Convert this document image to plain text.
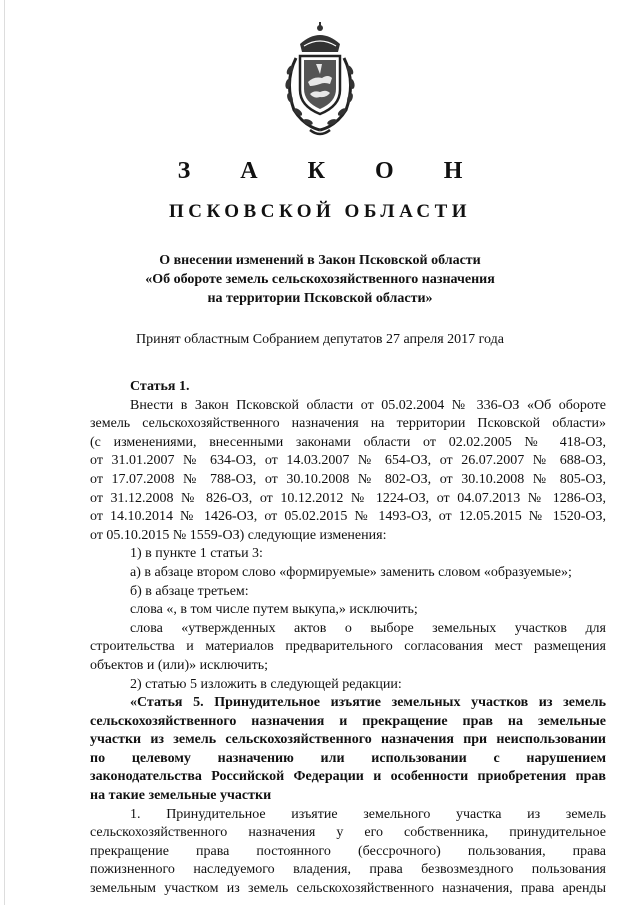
З А К О Н
ПСКОВСКОЙ ОБЛАСТИ
О внесении изменений в Закон Псковской области
«Об обороте земель сельскохозяйственного назначения
на территории Псковской области»
Принят областным Собранием депутатов 27 апреля 2017 года

Статья 1.

Внести в Закон Псковской области от 05.02.2004 № 336-ОЗ «Об обороте

земель сельскохозяйственного назначения на территории Псковской области»

(с изменениями, внесенными законами области от 02.02.2005 № 418-ОЗ,

от 31.01.2007 № 634-ОЗ, от 14.03.2007 № 654-ОЗ, от 26.07.2007 № 688-ОЗ,

от 17.07.2008 № 788-ОЗ, от 30.10.2008 № 802-ОЗ, от 30.10.2008 № 805-ОЗ,

от 31.12.2008 № 826-ОЗ, от 10.12.2012 № 1224-ОЗ, от 04.07.2013 № 1286-ОЗ,

от 14.10.2014 № 1426-ОЗ, от 05.02.2015 № 1493-ОЗ, от 12.05.2015 № 1520-ОЗ,

от 05.10.2015 № 1559-ОЗ) следующие изменения:

1) в пункте 1 статьи 3:

а) в абзаце втором слово «формируемые» заменить словом «образуемые»;

б) в абзаце третьем:

слова «, в том числе путем выкупа,» исключить;

слова «утвержденных актов о выборе земельных участков для

строительства и материалов предварительного согласования мест размещения

объектов и (или)» исключить;

2) статью 5 изложить в следующей редакции:

«Статья 5. Принудительное изъятие земельных участков из земель

сельскохозяйственного назначения и прекращение прав на земельные

участки из земель сельскохозяйственного назначения при неиспользовании

по целевому назначению или использовании с нарушением

законодательства Российской Федерации и особенности приобретения прав

на такие земельные участки

1. Принудительное изъятие земельного участка из земель

сельскохозяйственного назначения у его собственника, принудительное

прекращение права постоянного (бессрочного) пользования, права

пожизненного наследуемого владения, права безвозмездного пользования

земельным участком из земель сельскохозяйственного назначения, права аренды
